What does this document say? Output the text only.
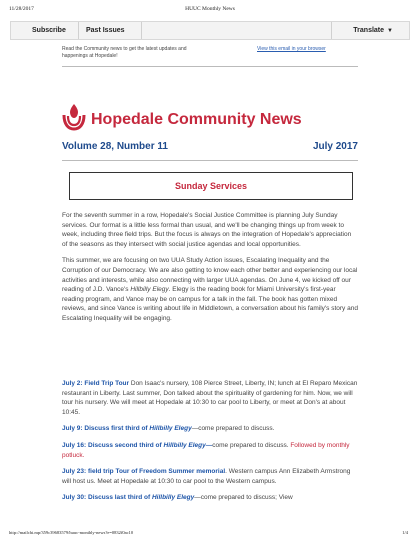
11/28/2017	HUUC Monthly News
Subscribe	Past Issues	Translate ▼
Read the Community news to get the latest updates and happenings at Hopedale!
View this email in your browser
Hopedale Community News
Volume 28, Number 11	July 2017
Sunday Services

For the seventh summer in a row, Hopedale's Social Justice Committee is planning July Sunday services. Our format is a little less formal than usual, and we'll be changing things up from week to week, including three field trips. But the focus is always on the integration of Hopedale's appreciation of the seasons as they intersect with social justice agendas and local opportunities.

This summer, we are focusing on two UUA Study Action issues, Escalating Inequality and the Corruption of our Democracy. We are also getting to know each other better and experiencing our local activities and interests, while also connecting with larger UUA agendas. On June 4, we kicked off our reading of J.D. Vance's Hillbilly Elegy. Elegy is the reading book for Miami University's first-year reading program, and Vance may be on campus for a talk in the fall. The book has gotten mixed reviews, and since Vance is writing about life in Middletown, a conversation about his family's story and Escalating Inequality will be engaging.

July 2: Field Trip Tour Don Isaac's nursery, 108 Pierce Street, Liberty, IN; lunch at El Reparo Mexican restaurant in Liberty. Last summer, Don talked about the spirituality of gardening for him. Now, we will tour his nursery. We will meet at Hopedale at 10:30 to car pool to Liberty, or meet at Don's at about 10:45.

July 9: Discuss first third of Hillbilly Elegy—come prepared to discuss.

July 16: Discuss second third of Hillbilly Elegy—come prepared to discuss. Followed by monthly potluck.

July 23: field trip Tour of Freedom Summer memorial. Western campus Ann Elizabeth Armstrong will host us. Meet at Hopedale at 10:30 to car pool to the Western campus.

July 30: Discuss last third of Hillbilly Elegy—come prepared to discuss; View

http://mailchi.mp/359c39683579/huuc-monthly-news?e=0832f0ac10	1/4
